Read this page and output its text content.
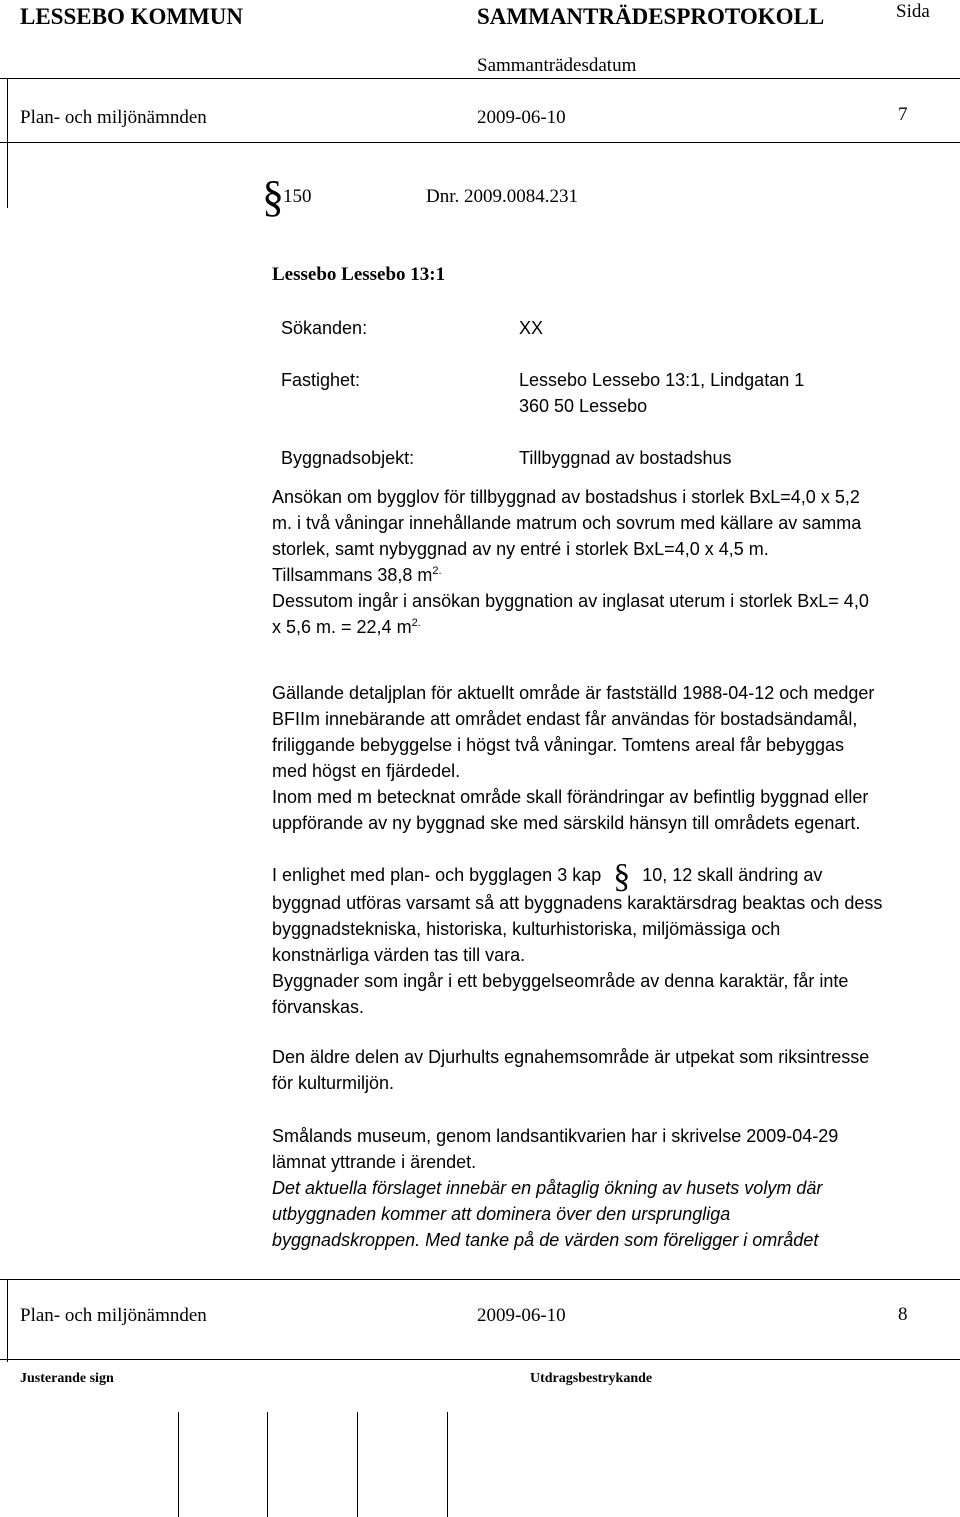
LESSEBO KOMMUN	SAMMANTRÄDESPROTOKOLL	Sida
Sammanträdesdatum
Plan- och miljönämnden	2009-06-10	7
§ 150	Dnr. 2009.0084.231
Lessebo Lessebo 13:1
Sökanden:	XX
Fastighet:	Lessebo Lessebo 13:1, Lindgatan 1
360 50 Lessebo
Byggnadsobjekt:	Tillbyggnad av bostadshus
Ansökan om bygglov för tillbyggnad av bostadshus i storlek BxL=4,0 x 5,2
m. i två våningar innehållande matrum och sovrum med källare av samma
storlek, samt nybyggnad av ny entré i storlek BxL=4,0 x 4,5 m.
Tillsammans 38,8 $m^{2.}$
Dessutom ingår i ansökan byggnation av inglasat uterum i storlek BxL= 4,0
x 5,6 m. = 22,4 $m^{2.}$
Gällande detaljplan för aktuellt område är fastställd 1988-04-12 och medger
BFIIm innebärande att området endast får användas för bostadsändamål,
friliggande bebyggelse i högst två våningar. Tomtens areal får bebyggas
med högst en fjärdedel.
Inom med m betecknat område skall förändringar av befintlig byggnad eller
uppförande av ny byggnad ske med särskild hänsyn till områdets egenart.
I enlighet med plan- och bygglagen 3 kap § 10, 12 skall ändring av
byggnad utföras varsamt så att byggnadens karaktärsdrag beaktas och dess
byggnadstekniska, historiska, kulturhistoriska, miljömässiga och
konstnärliga värden tas till vara.
Byggnader som ingår i ett bebyggelseområde av denna karaktär, får inte
förvanskas.
Den äldre delen av Djurhults egnahemsområde är utpekat som riksintresse
för kulturmiljön.
Smålands museum, genom landsantikvarien har i skrivelse 2009-04-29
lämnat yttrande i ärendet.
Det aktuella förslaget innebär en påtaglig ökning av husets volym där
utbyggnaden kommer att dominera över den ursprungliga
byggnadskroppen. Med tanke på de värden som föreligger i området
Plan- och miljönämnden	2009-06-10	8
Justerande sign	Utdragsbestrykande
